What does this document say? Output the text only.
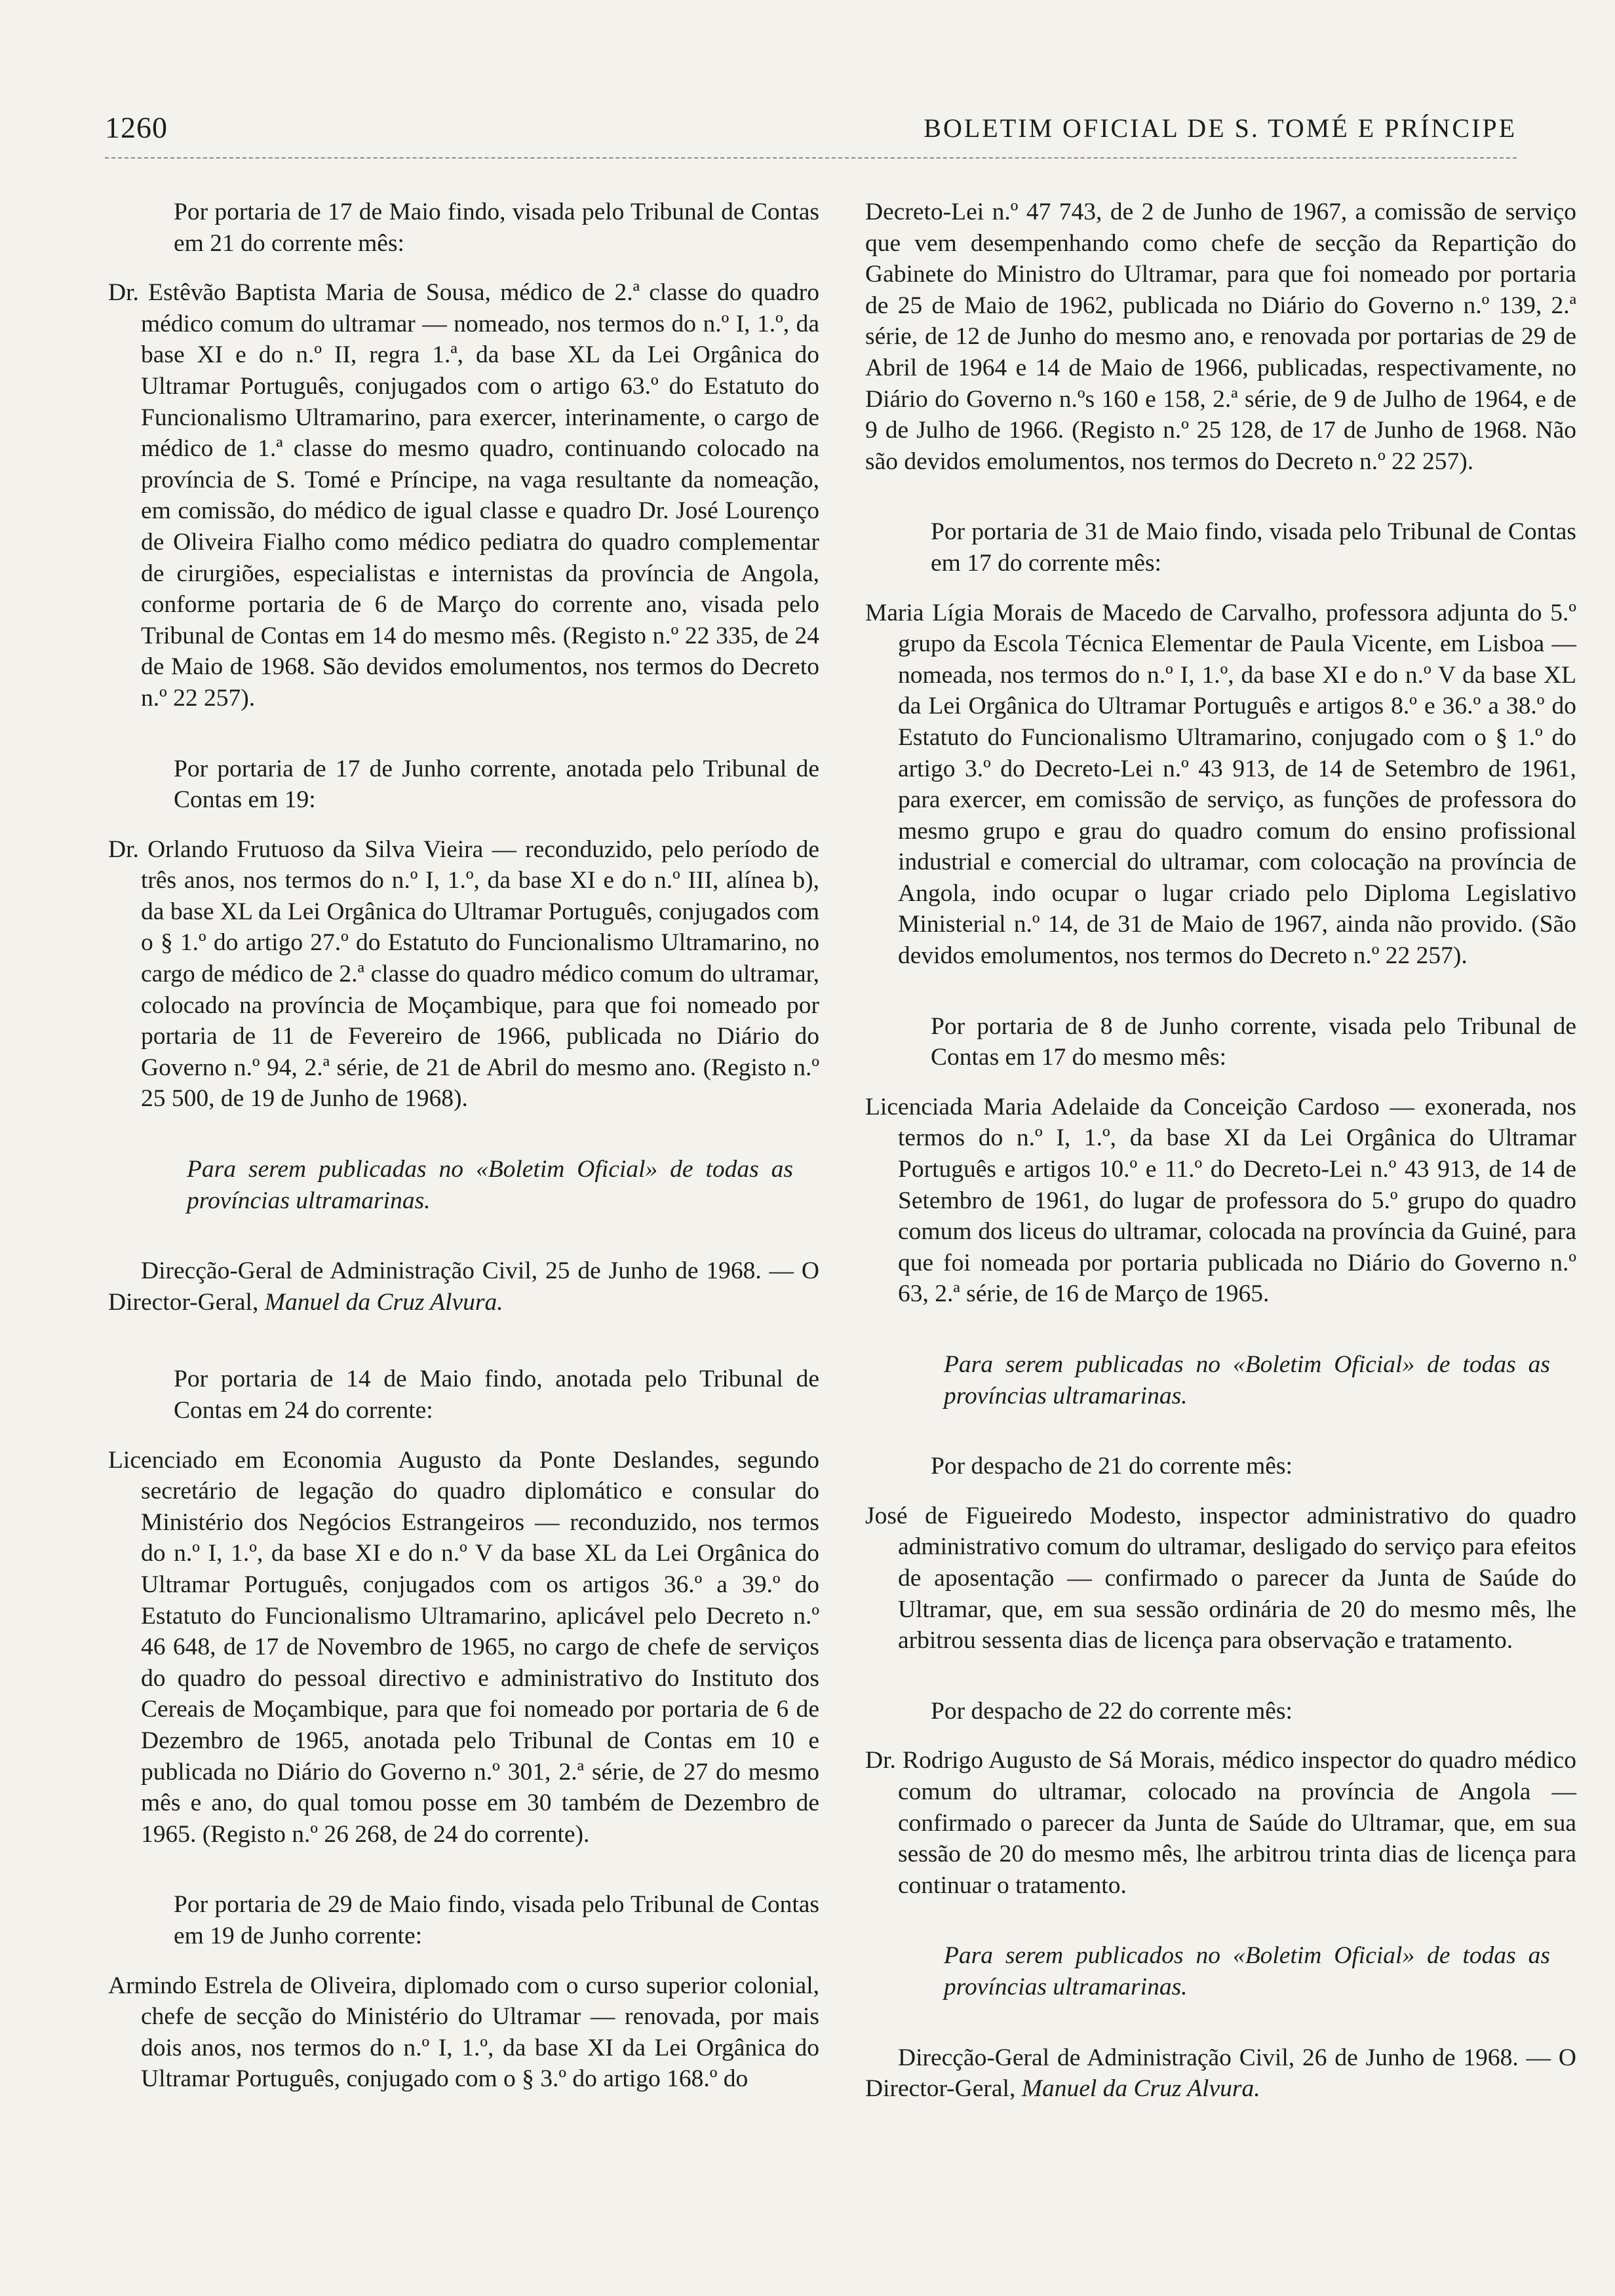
1260	BOLETIM OFICIAL DE S. TOMÉ E PRÍNCIPE

Por portaria de 17 de Maio findo, visada pelo Tribunal de Contas em 21 do corrente mês:

Dr. Estêvão Baptista Maria de Sousa, médico de 2.ª classe do quadro médico comum do ultramar — nomeado, nos termos do n.º I, 1.º, da base XI e do n.º II, regra 1.ª, da base XL da Lei Orgânica do Ultramar Português, conjugados com o artigo 63.º do Estatuto do Funcionalismo Ultramarino, para exercer, interinamente, o cargo de médico de 1.ª classe do mesmo quadro, continuando colocado na província de S. Tomé e Príncipe, na vaga resultante da nomeação, em comissão, do médico de igual classe e quadro Dr. José Lourenço de Oliveira Fialho como médico pediatra do quadro complementar de cirurgiões, especialistas e internistas da província de Angola, conforme portaria de 6 de Março do corrente ano, visada pelo Tribunal de Contas em 14 do mesmo mês. (Registo n.º 22 335, de 24 de Maio de 1968. São devidos emolumentos, nos termos do Decreto n.º 22 257).

Por portaria de 17 de Junho corrente, anotada pelo Tribunal de Contas em 19:

Dr. Orlando Frutuoso da Silva Vieira — reconduzido, pelo período de três anos, nos termos do n.º I, 1.º, da base XI e do n.º III, alínea b), da base XL da Lei Orgânica do Ultramar Português, conjugados com o § 1.º do artigo 27.º do Estatuto do Funcionalismo Ultramarino, no cargo de médico de 2.ª classe do quadro médico comum do ultramar, colocado na província de Moçambique, para que foi nomeado por portaria de 11 de Fevereiro de 1966, publicada no Diário do Governo n.º 94, 2.ª série, de 21 de Abril do mesmo ano. (Registo n.º 25 500, de 19 de Junho de 1968).

Para serem publicadas no «Boletim Oficial» de todas as províncias ultramarinas.

Direcção-Geral de Administração Civil, 25 de Junho de 1968. — O Director-Geral, Manuel da Cruz Alvura.

Por portaria de 14 de Maio findo, anotada pelo Tribunal de Contas em 24 do corrente:

Licenciado em Economia Augusto da Ponte Deslandes, segundo secretário de legação do quadro diplomático e consular do Ministério dos Negócios Estrangeiros — reconduzido, nos termos do n.º I, 1.º, da base XI e do n.º V da base XL da Lei Orgânica do Ultramar Português, conjugados com os artigos 36.º a 39.º do Estatuto do Funcionalismo Ultramarino, aplicável pelo Decreto n.º 46 648, de 17 de Novembro de 1965, no cargo de chefe de serviços do quadro do pessoal directivo e administrativo do Instituto dos Cereais de Moçambique, para que foi nomeado por portaria de 6 de Dezembro de 1965, anotada pelo Tribunal de Contas em 10 e publicada no Diário do Governo n.º 301, 2.ª série, de 27 do mesmo mês e ano, do qual tomou posse em 30 também de Dezembro de 1965. (Registo n.º 26 268, de 24 do corrente).

Por portaria de 29 de Maio findo, visada pelo Tribunal de Contas em 19 de Junho corrente:

Armindo Estrela de Oliveira, diplomado com o curso superior colonial, chefe de secção do Ministério do Ultramar — renovada, por mais dois anos, nos termos do n.º I, 1.º, da base XI da Lei Orgânica do Ultramar Português, conjugado com o § 3.º do artigo 168.º do

Decreto-Lei n.º 47 743, de 2 de Junho de 1967, a comissão de serviço que vem desempenhando como chefe de secção da Repartição do Gabinete do Ministro do Ultramar, para que foi nomeado por portaria de 25 de Maio de 1962, publicada no Diário do Governo n.º 139, 2.ª série, de 12 de Junho do mesmo ano, e renovada por portarias de 29 de Abril de 1964 e 14 de Maio de 1966, publicadas, respectivamente, no Diário do Governo n.ºs 160 e 158, 2.ª série, de 9 de Julho de 1964, e de 9 de Julho de 1966. (Registo n.º 25 128, de 17 de Junho de 1968. Não são devidos emolumentos, nos termos do Decreto n.º 22 257).

Por portaria de 31 de Maio findo, visada pelo Tribunal de Contas em 17 do corrente mês:

Maria Lígia Morais de Macedo de Carvalho, professora adjunta do 5.º grupo da Escola Técnica Elementar de Paula Vicente, em Lisboa — nomeada, nos termos do n.º I, 1.º, da base XI e do n.º V da base XL da Lei Orgânica do Ultramar Português e artigos 8.º e 36.º a 38.º do Estatuto do Funcionalismo Ultramarino, conjugado com o § 1.º do artigo 3.º do Decreto-Lei n.º 43 913, de 14 de Setembro de 1961, para exercer, em comissão de serviço, as funções de professora do mesmo grupo e grau do quadro comum do ensino profissional industrial e comercial do ultramar, com colocação na província de Angola, indo ocupar o lugar criado pelo Diploma Legislativo Ministerial n.º 14, de 31 de Maio de 1967, ainda não provido. (São devidos emolumentos, nos termos do Decreto n.º 22 257).

Por portaria de 8 de Junho corrente, visada pelo Tribunal de Contas em 17 do mesmo mês:

Licenciada Maria Adelaide da Conceição Cardoso — exonerada, nos termos do n.º I, 1.º, da base XI da Lei Orgânica do Ultramar Português e artigos 10.º e 11.º do Decreto-Lei n.º 43 913, de 14 de Setembro de 1961, do lugar de professora do 5.º grupo do quadro comum dos liceus do ultramar, colocada na província da Guiné, para que foi nomeada por portaria publicada no Diário do Governo n.º 63, 2.ª série, de 16 de Março de 1965.

Para serem publicadas no «Boletim Oficial» de todas as províncias ultramarinas.

Por despacho de 21 do corrente mês:

José de Figueiredo Modesto, inspector administrativo do quadro administrativo comum do ultramar, desligado do serviço para efeitos de aposentação — confirmado o parecer da Junta de Saúde do Ultramar, que, em sua sessão ordinária de 20 do mesmo mês, lhe arbitrou sessenta dias de licença para observação e tratamento.

Por despacho de 22 do corrente mês:

Dr. Rodrigo Augusto de Sá Morais, médico inspector do quadro médico comum do ultramar, colocado na província de Angola — confirmado o parecer da Junta de Saúde do Ultramar, que, em sua sessão de 20 do mesmo mês, lhe arbitrou trinta dias de licença para continuar o tratamento.

Para serem publicados no «Boletim Oficial» de todas as províncias ultramarinas.

Direcção-Geral de Administração Civil, 26 de Junho de 1968. — O Director-Geral, Manuel da Cruz Alvura.
